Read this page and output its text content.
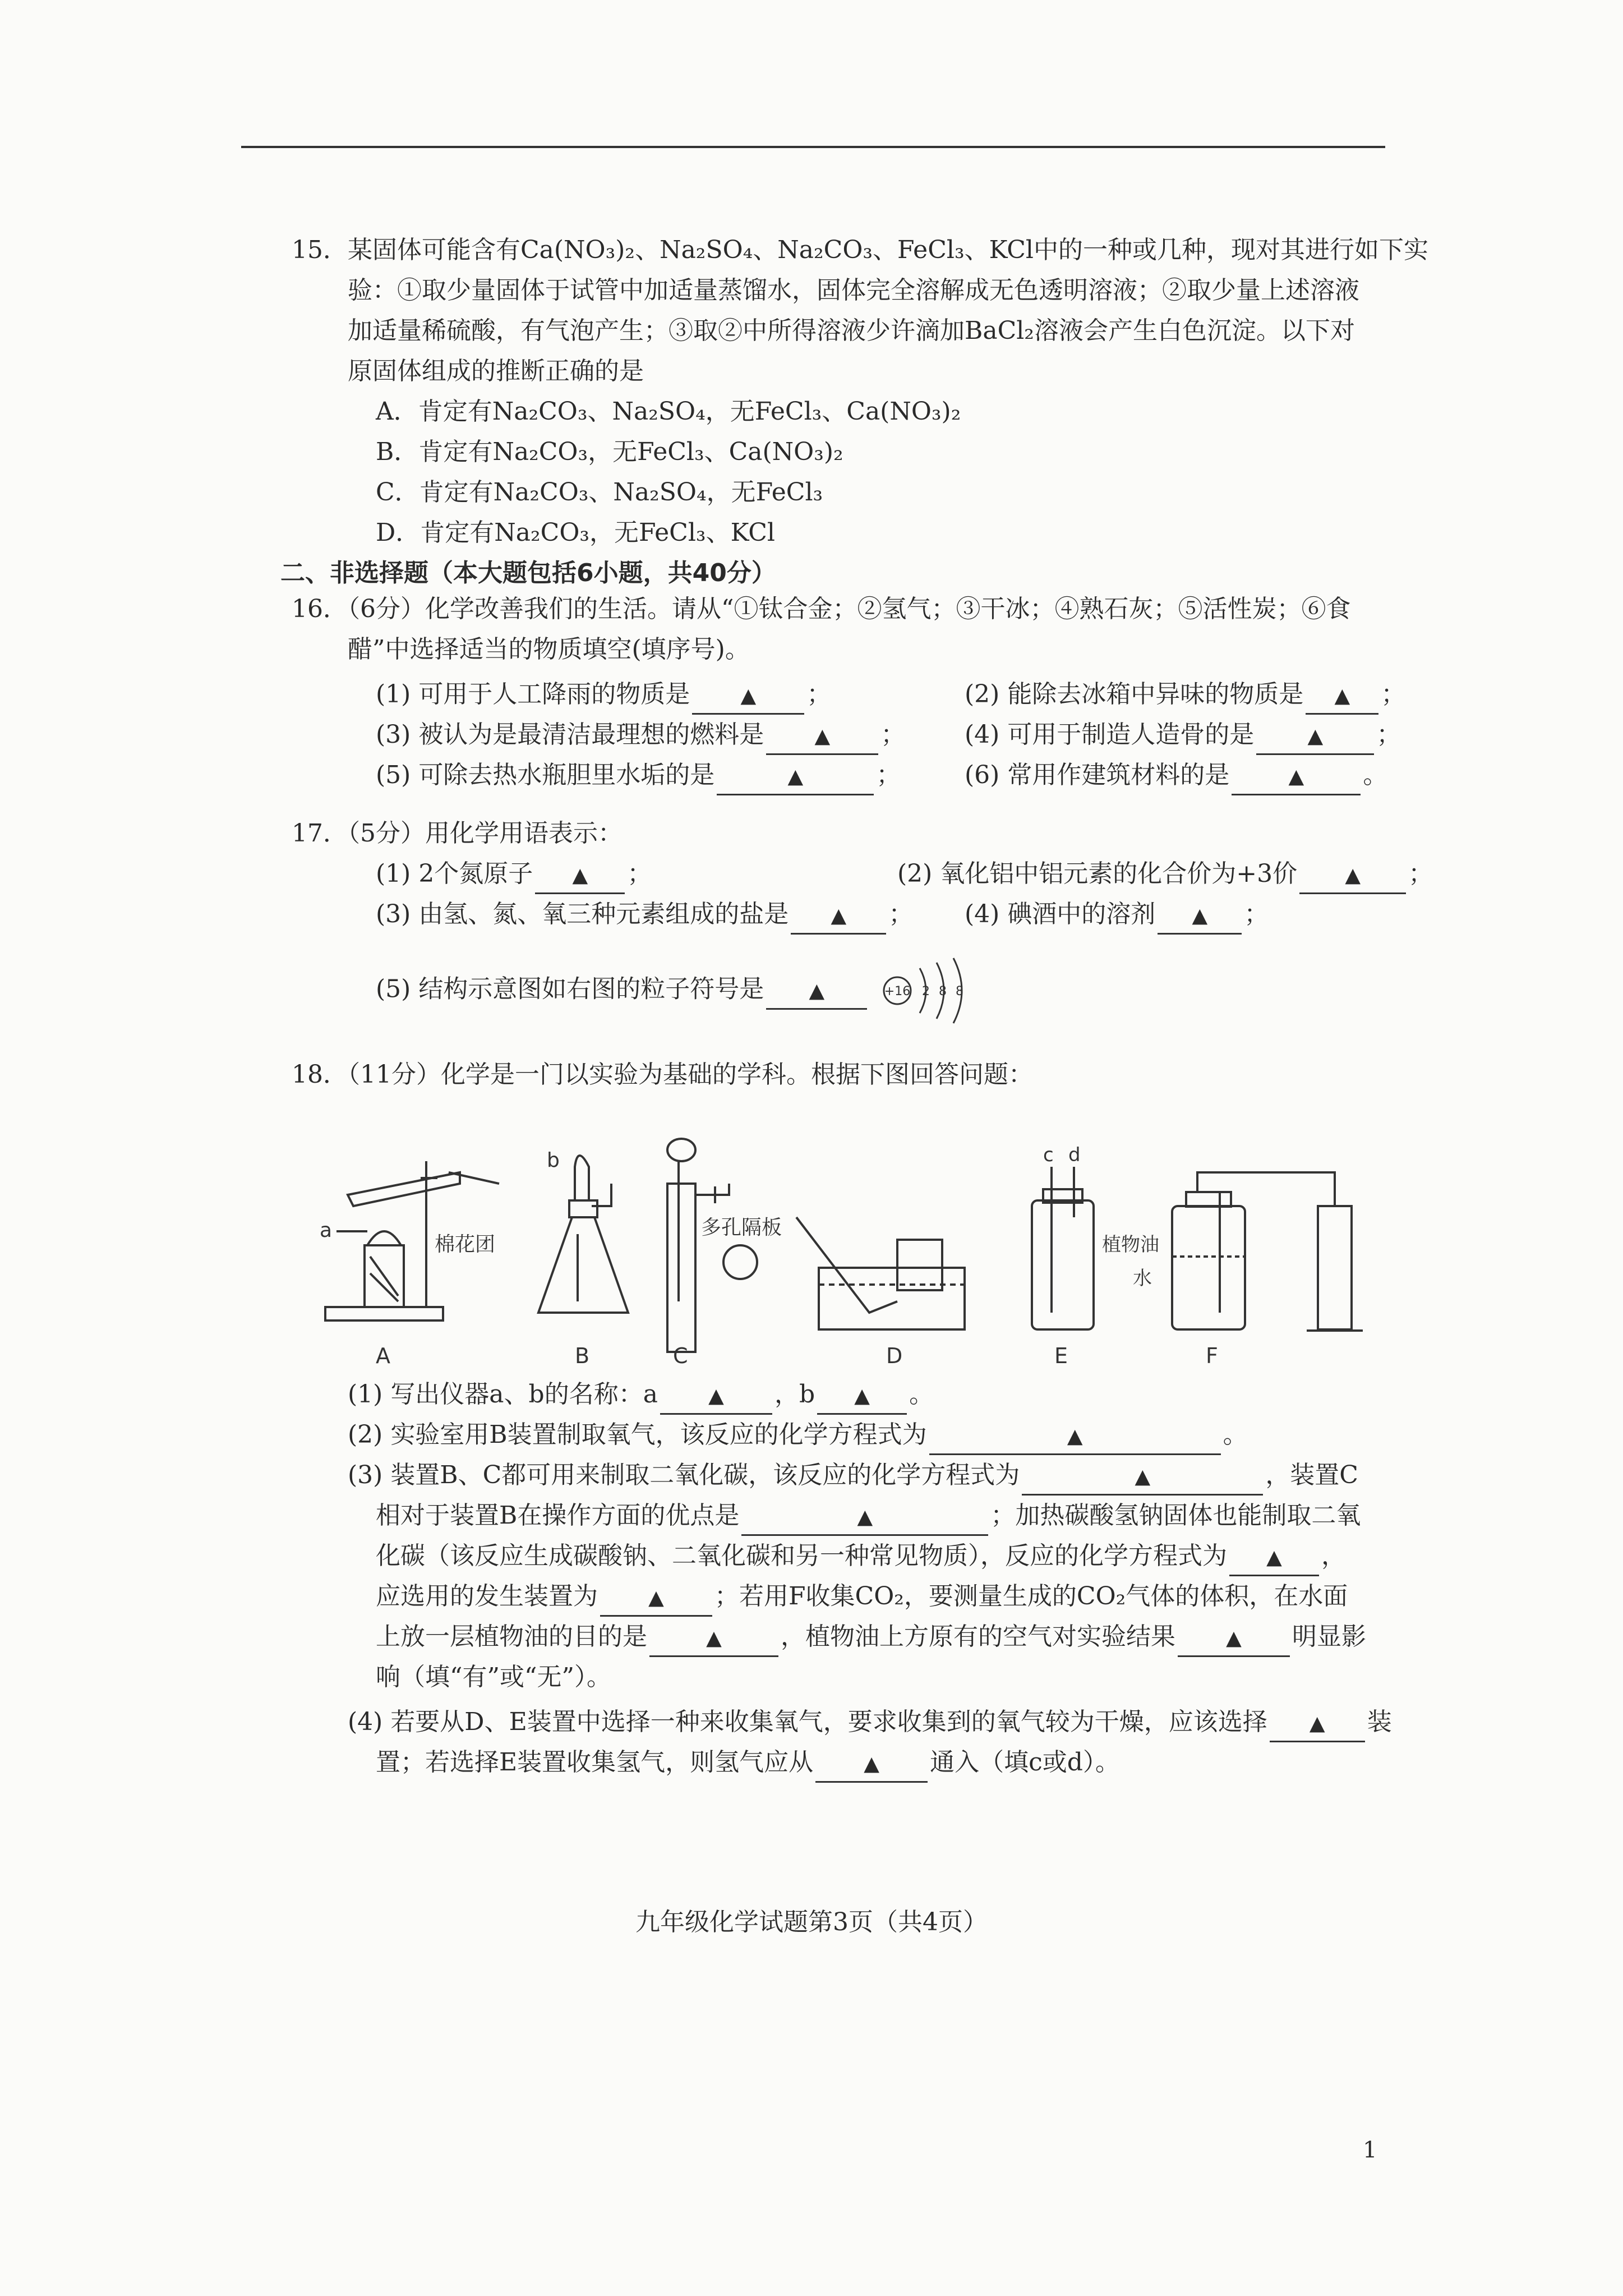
15．某固体可能含有Ca(NO₃)₂、Na₂SO₄、Na₂CO₃、FeCl₃、KCl中的一种或几种，现对其进行如下实
验：①取少量固体于试管中加适量蒸馏水，固体完全溶解成无色透明溶液；②取少量上述溶液
加适量稀硫酸，有气泡产生；③取②中所得溶液少许滴加BaCl₂溶液会产生白色沉淀。以下对
原固体组成的推断正确的是
A．肯定有Na₂CO₃、Na₂SO₄，无FeCl₃、Ca(NO₃)₂
B．肯定有Na₂CO₃，无FeCl₃、Ca(NO₃)₂
C．肯定有Na₂CO₃、Na₂SO₄，无FeCl₃
D．肯定有Na₂CO₃，无FeCl₃、KCl
二、非选择题（本大题包括6小题，共40分）
16．（6分）化学改善我们的生活。请从“①钛合金；②氢气；③干冰；④熟石灰；⑤活性炭；⑥食
醋”中选择适当的物质填空(填序号)。
(1) 可用于人工降雨的物质是	▲ ；	(2) 能除去冰箱中异味的物质是 ▲ ；
(3) 被认为是最清洁最理想的燃料是	▲ ；	(4) 可用于制造人造骨的是	▲ ；
(5) 可除去热水瓶胆里水垢的是	▲	；	(6) 常用作建筑材料的是	▲ 。
17．（5分）用化学用语表示：
(1) 2个氮原子 ▲ ；	(2) 氧化铝中铝元素的化合价为+3价 ▲ ；
(3) 由氢、氮、氧三种元素组成的盐是 ▲ ；	(4) 碘酒中的溶剂 ▲ ；
(5) 结构示意图如右图的粒子符号是 ▲	+16 2 8 8
18．（11分）化学是一门以实验为基础的学科。根据下图回答问题：
a
棉花团
A
b
B
多孔隔板
C	D
c d
E
植物油
水
F
(1) 写出仪器a、b的名称：a	▲ ，b ▲ 。
(2) 实验室用B装置制取氧气，该反应的化学方程式为	▲	。
(3) 装置B、C都可用来制取二氧化碳，该反应的化学方程式为	▲	，装置C
相对于装置B在操作方面的优点是	▲	；加热碳酸氢钠固体也能制取二氧
化碳（该反应生成碳酸钠、二氧化碳和另一种常见物质），反应的化学方程式为 ▲ ，
应选用的发生装置为	▲ ；若用F收集CO₂，要测量生成的CO₂气体的体积，在水面
上放一层植物油的目的是	▲ ，植物油上方原有的空气对实验结果	▲ 明显影
响（填“有”或“无”）。
(4) 若要从D、E装置中选择一种来收集氧气，要求收集到的氧气较为干燥，应该选择 ▲ 装
置；若选择E装置收集氢气，则氢气应从	▲ 通入（填c或d）。
九年级化学试题第3页（共4页）
1
